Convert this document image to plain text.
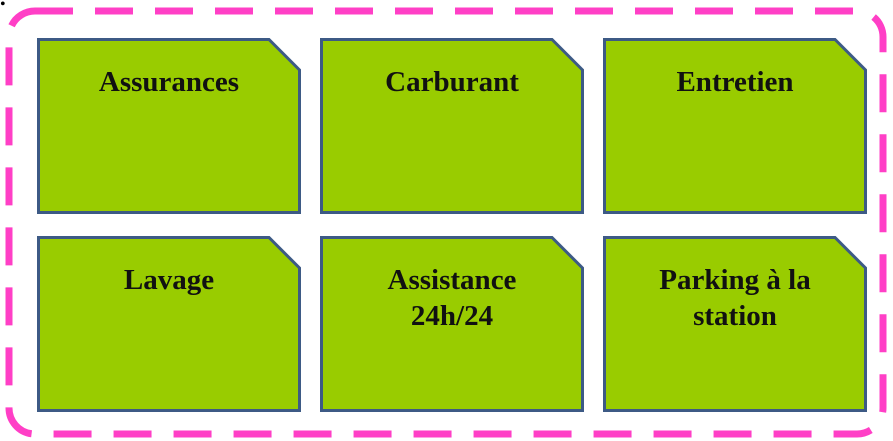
•
Assurances	Carburant	Entretien
Lavage	Assistance
24h/24
Parking à la
station
